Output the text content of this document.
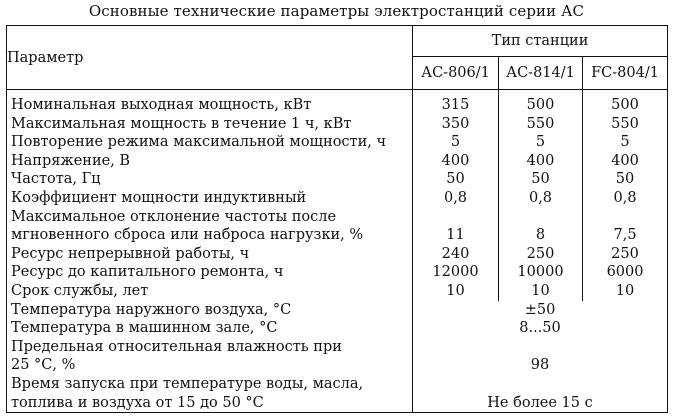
Основные технические параметры электростанций серии АС
Параметр	Тип станции		
	АС-806/1	АС-814/1	FC-804/1
Номинальная выходная мощность, кВт	315	500	500
Максимальная мощность в течение 1 ч, кВт	350	550	550
Повторение режима максимальной мощности, ч	5	5	5
Напряжение, В	400	400	400
Частота, Гц	50	50	50
Коэффициент мощности индуктивный	0,8	0,8	0,8

Максимальное отклонение частоты после
мгновенного сброса или наброса нагрузки, %	11	8	7,5
Ресурс непрерывной работы, ч	240	250	250
Ресурс до капитального ремонта, ч	12000	10000	6000
Срок службы, лет	10	10	10
Температура наружного воздуха, °С	±50		
Температура в машинном зале, °С	8...50		

Предельная относительная влажность при
25 °С, %	98		

Время запуска при температуре воды, масла,
топлива и воздуха от 15 до 50 °С	Не более 15 с		
